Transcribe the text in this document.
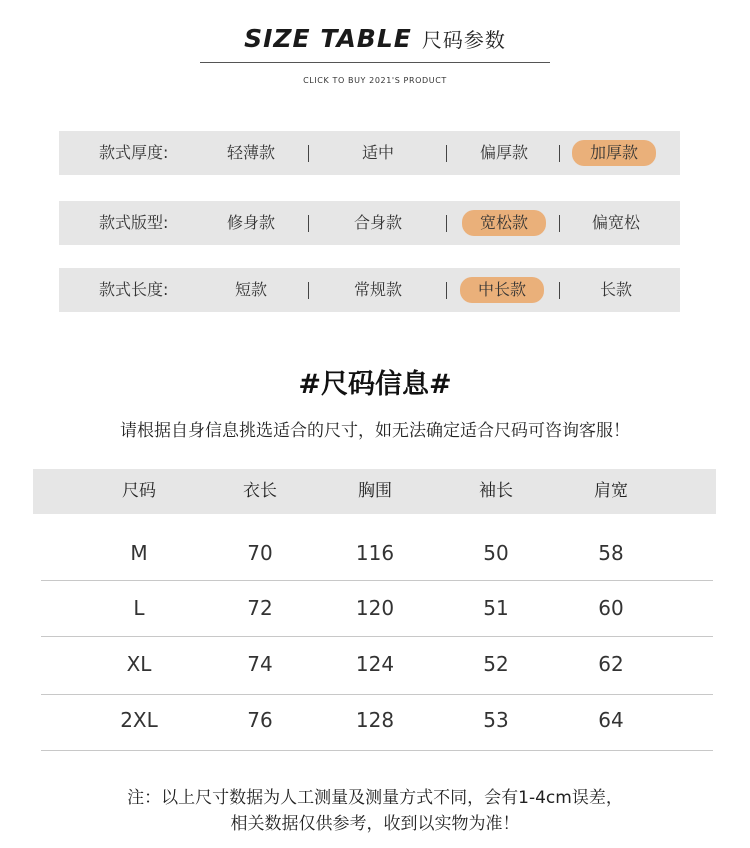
SIZE TABLE 尺码参数
CLICK TO BUY 2021'S PRODUCT
款式厚度:	轻薄款	适中	偏厚款	加厚款
款式版型:	修身款	合身款	宽松款	偏宽松
款式长度:	短款	常规款	中长款	长款
#尺码信息#
请根据自身信息挑选适合的尺寸，如无法确定适合尺码可咨询客服！
尺码	衣长	胸围	袖长	肩宽
M	70	116	50	58
L	72	120	51	60
XL	74	124	52	62
2XL	76	128	53	64
注：以上尺寸数据为人工测量及测量方式不同，会有1-4cm误差，
相关数据仅供参考，收到以实物为准！
